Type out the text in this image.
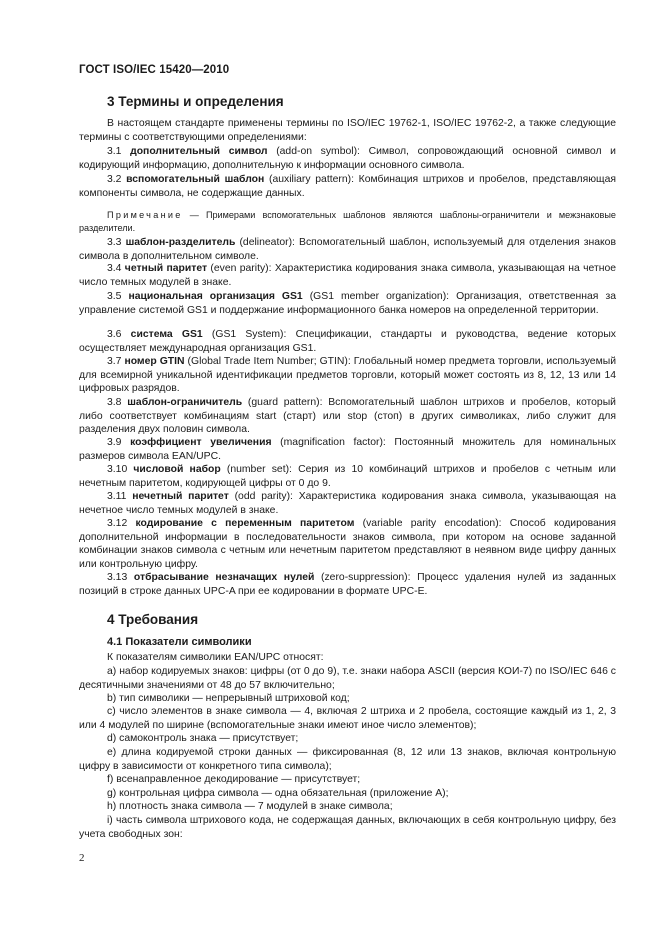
ГОСТ ISO/IEC 15420—2010
3 Термины и определения
В настоящем стандарте применены термины по ISO/IEC 19762-1, ISO/IEC 19762-2, а также следующие термины с соответствующими определениями:
3.1 дополнительный символ (add-on symbol): Символ, сопровождающий основной символ и кодирующий информацию, дополнительную к информации основного символа.
3.2 вспомогательный шаблон (auxiliary pattern): Комбинация штрихов и пробелов, представляющая компоненты символа, не содержащие данных.
Примечание — Примерами вспомогательных шаблонов являются шаблоны-ограничители и межзнаковые разделители.
3.3 шаблон-разделитель (delineator): Вспомогательный шаблон, используемый для отделения знаков символа в дополнительном символе.
3.4 четный паритет (even parity): Характеристика кодирования знака символа, указывающая на четное число темных модулей в знаке.
3.5 национальная организация GS1 (GS1 member organization): Организация, ответственная за управление системой GS1 и поддержание информационного банка номеров на определенной территории.
3.6 система GS1 (GS1 System): Спецификации, стандарты и руководства, ведение которых осуществляет международная организация GS1.
3.7 номер GTIN (Global Trade Item Number; GTIN): Глобальный номер предмета торговли, используемый для всемирной уникальной идентификации предметов торговли, который может состоять из 8, 12, 13 или 14 цифровых разрядов.
3.8 шаблон-ограничитель (guard pattern): Вспомогательный шаблон штрихов и пробелов, который либо соответствует комбинациям start (старт) или stop (стоп) в других символиках, либо служит для разделения двух половин символа.
3.9 коэффициент увеличения (magnification factor): Постоянный множитель для номинальных размеров символа EAN/UPC.
3.10 числовой набор (number set): Серия из 10 комбинаций штрихов и пробелов с четным или нечетным паритетом, кодирующей цифры от 0 до 9.
3.11 нечетный паритет (odd parity): Характеристика кодирования знака символа, указывающая на нечетное число темных модулей в знаке.
3.12 кодирование с переменным паритетом (variable parity encodation): Способ кодирования дополнительной информации в последовательности знаков символа, при котором на основе заданной комбинации знаков символа с четным или нечетным паритетом представляют в неявном виде цифру данных или контрольную цифру.
3.13 отбрасывание незначащих нулей (zero-suppression): Процесс удаления нулей из заданных позиций в строке данных UPC-A при ее кодировании в формате UPC-E.
4 Требования
4.1 Показатели символики
К показателям символики EAN/UPC относят:
а) набор кодируемых знаков: цифры (от 0 до 9), т.е. знаки набора ASCII (версия КОИ-7) по ISO/IEC 646 с десятичными значениями от 48 до 57 включительно;
b) тип символики — непрерывный штриховой код;
c) число элементов в знаке символа — 4, включая 2 штриха и 2 пробела, состоящие каждый из 1, 2, 3 или 4 модулей по ширине (вспомогательные знаки имеют иное число элементов);
d) самоконтроль знака — присутствует;
e) длина кодируемой строки данных — фиксированная (8, 12 или 13 знаков, включая контрольную цифру в зависимости от конкретного типа символа);
f) всенаправленное декодирование — присутствует;
g) контрольная цифра символа — одна обязательная (приложение А);
h) плотность знака символа — 7 модулей в знаке символа;
i) часть символа штрихового кода, не содержащая данных, включающих в себя контрольную цифру, без учета свободных зон:
2
